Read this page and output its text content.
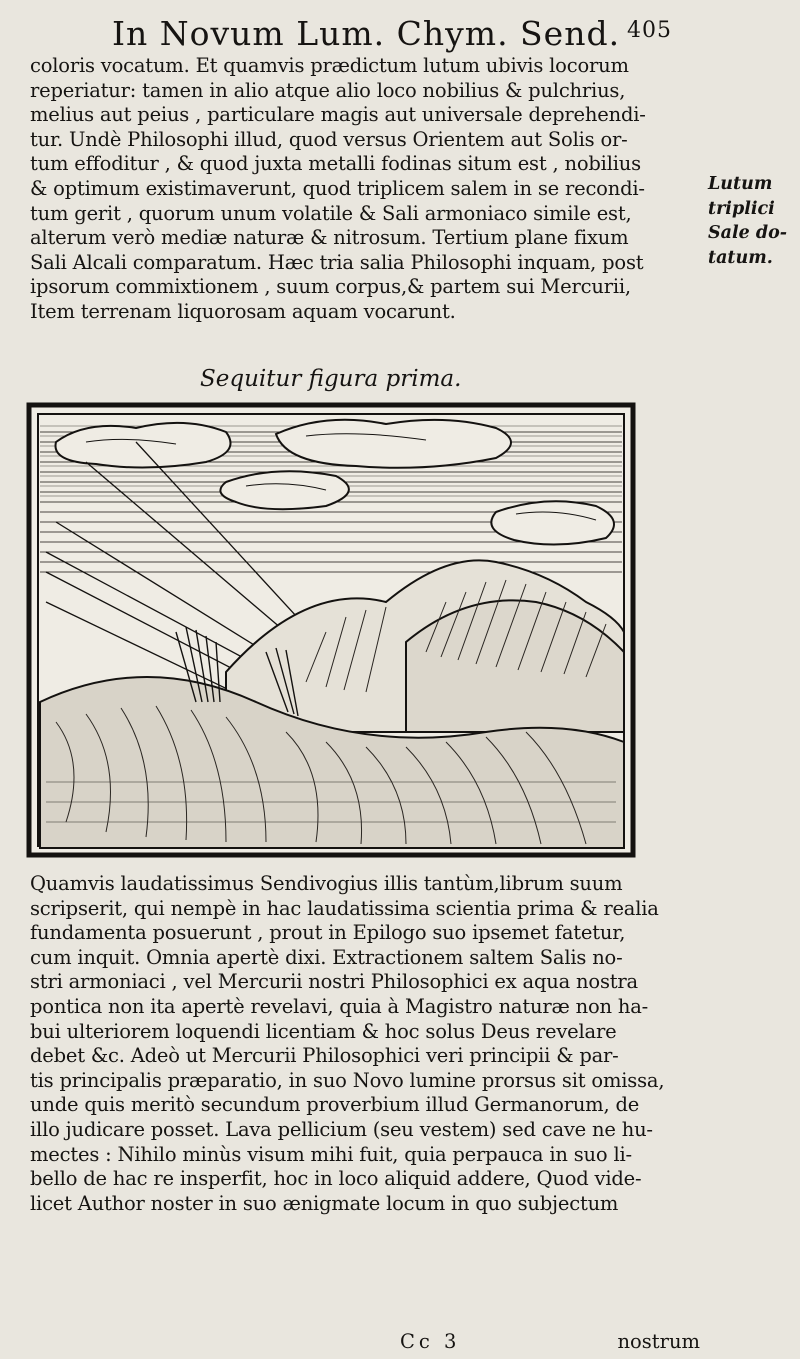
In Novum Lum. Chym. Send. 405
coloris vocatum. Et quamvis prædictum lutum ubivis locorum
reperiatur: tamen in alio atque alio loco nobilius & pulchrius,
melius aut peius , particulare magis aut universale deprehendi-
tur. Undè Philosophi illud, quod versus Orientem aut Solis or-
tum effoditur , & quod juxta metalli fodinas situm est , nobilius
& optimum existimaverunt, quod triplicem salem in se recondi-
tum gerit , quorum unum volatile & Sali armoniaco simile est,
alterum verò mediæ naturæ & nitrosum. Tertium plane fixum
Sali Alcali comparatum. Hæc tria salia Philosophi inquam, post
ipsorum commixtionem , suum corpus,& partem sui Mercurii,
Item terrenam liquorosam aquam vocarunt.
Lutum
triplici
Sale do-
tatum.
Sequitur figura prima.
Quamvis laudatissimus Sendivogius illis tantùm,librum suum
scripserit, qui nempè in hac laudatissima scientia prima & realia
fundamenta posuerunt , prout in Epilogo suo ipsemet fatetur,
cum inquit. Omnia apertè dixi. Extractionem saltem Salis no-
stri armoniaci , vel Mercurii nostri Philosophici ex aqua nostra
pontica non ita apertè revelavi, quia à Magistro naturæ non ha-
bui ulteriorem loquendi licentiam & hoc solus Deus revelare
debet &c. Adeò ut Mercurii Philosophici veri principii & par-
tis principalis præparatio, in suo Novo lumine prorsus sit omissa,
unde quis meritò secundum proverbium illud Germanorum, de
illo judicare posset. Lava pellicium (seu vestem) sed cave ne hu-
mectes : Nihilo minùs visum mihi fuit, quia perpauca in suo li-
bello de hac re insperfit, hoc in loco aliquid addere, Quod vide-
licet Author noster in suo ænigmate locum in quo subjectum
Cc 3	nostrum
